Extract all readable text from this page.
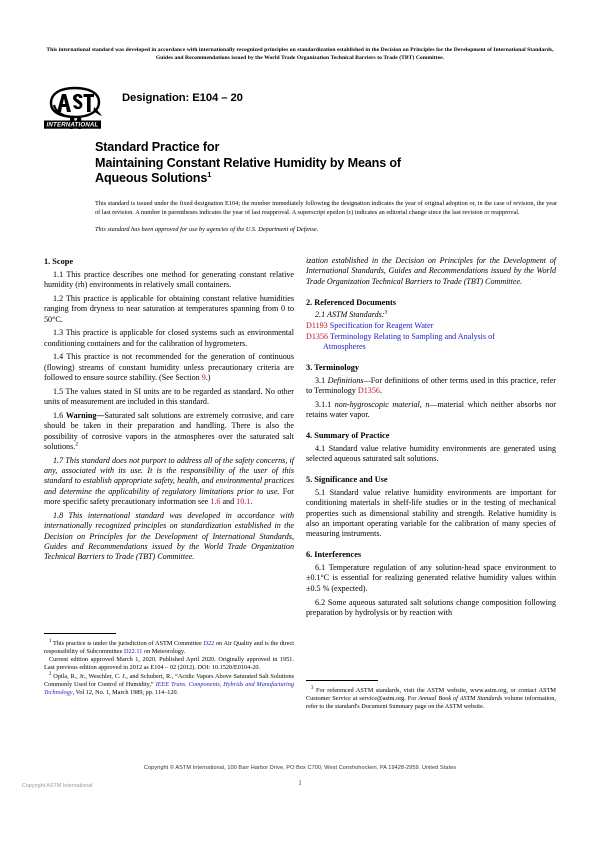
This international standard was developed in accordance with internationally recognized principles on standardization established in the Decision on Principles for the Development of International Standards, Guides and Recommendations issued by the World Trade Organization Technical Barriers to Trade (TBT) Committee.
INTERNATIONAL
Designation: E104 – 20
Standard Practice for
Maintaining Constant Relative Humidity by Means of
Aqueous Solutions$^1$
This standard is issued under the fixed designation E104; the number immediately following the designation indicates the year of original adoption or, in the case of revision, the year of last revision. A number in parentheses indicates the year of last reapproval. A superscript epsilon (ε) indicates an editorial change since the last revision or reapproval.
This standard has been approved for use by agencies of the U.S. Department of Defense.
1. Scope

1.1 This practice describes one method for generating constant relative humidity (rh) environments in relatively small containers.

1.2 This practice is applicable for obtaining constant relative humidities ranging from dryness to near saturation at temperatures spanning from 0 to 50°C.

1.3 This practice is applicable for closed systems such as environmental conditioning containers and for the calibration of hygrometers.

1.4 This practice is not recommended for the generation of continuous (flowing) streams of constant humidity unless precautionary criteria are followed to ensure source stability. (See Section 9.)

1.5 The values stated in SI units are to be regarded as standard. No other units of measurement are included in this standard.

1.6 Warning—Saturated salt solutions are extremely corrosive, and care should be taken in their preparation and handling. There is also the possibility of corrosive vapors in the atmospheres over the saturated salt solutions.$^2$

1.7 This standard does not purport to address all of the safety concerns, if any, associated with its use. It is the responsibility of the user of this standard to establish appropriate safety, health, and environmental practices and determine the applicability of regulatory limitations prior to use. For more specific safety precautionary information see 1.6 and 10.1.

1.8 This international standard was developed in accordance with internationally recognized principles on standardization established in the Decision on Principles for the Development of International Standards, Guides and Recommendations issued by the World Trade Organization Technical Barriers to Trade (TBT) Committee.

ization established in the Decision on Principles for the Development of International Standards, Guides and Recommendations issued by the World Trade Organization Technical Barriers to Trade (TBT) Committee.

2. Referenced Documents
2.1 ASTM Standards:$^3$
D1193 Specification for Reagent Water
D1356 Terminology Relating to Sampling and Analysis of
Atmospheres
3. Terminology

3.1 Definitions—For definitions of other terms used in this practice, refer to Terminology D1356.

3.1.1 non-hygroscopic material, n—material which neither absorbs nor retains water vapor.

4. Summary of Practice

4.1 Standard value relative humidity environments are generated using selected aqueous saturated salt solutions.

5. Significance and Use

5.1 Standard value relative humidity environments are important for conditioning materials in shelf-life studies or in the testing of mechanical properties such as dimensional stability and strength. Relative humidity is also an important operating variable for the calibration of many species of measuring instruments.

6. Interferences

6.1 Temperature regulation of any solution-head space environment to ±0.1°C is essential for realizing generated relative humidity values within ±0.5 % (expected).

6.2 Some aqueous saturated salt solutions change composition following preparation by hydrolysis or by reaction with

$^1$ This practice is under the jurisdiction of ASTM Committee D22 on Air Quality and is the direct responsibility of Subcommittee D22.11 on Meteorology.

Current edition approved March 1, 2020. Published April 2020. Originally approved in 1951. Last previous edition approved in 2012 as E104 – 02 (2012). DOI: 10.1520/E0104-20.

$^2$ Opila, R., Jr., Weschler, C. J., and Schubert, R., “Acidic Vapors Above Saturated Salt Solutions Commonly Used for Control of Humidity,” IEEE Trans. Components, Hybrids and Manufacturing Technology, Vol 12, No. 1, March 1989, pp. 114–120.

$^3$ For referenced ASTM standards, visit the ASTM website, www.astm.org, or contact ASTM Customer Service at service@astm.org. For Annual Book of ASTM Standards volume information, refer to the standard's Document Summary page on the ASTM website.

Copyright © ASTM International, 100 Barr Harbor Drive, PO Box C700, West Conshohocken, PA 19428-2959. United States
Copyright ASTM International	1
